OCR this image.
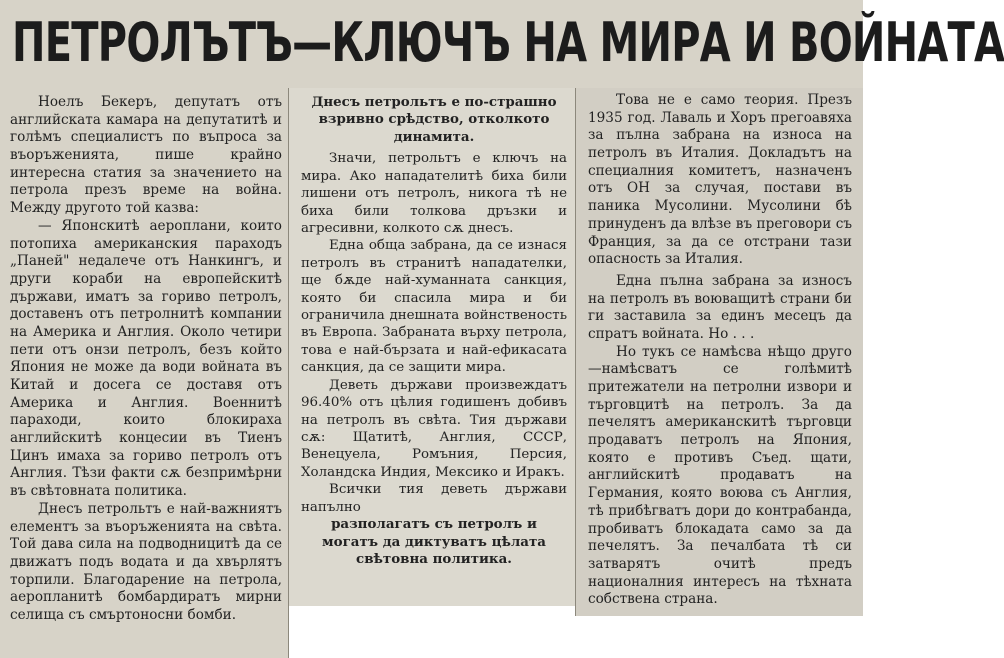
ПЕТРОЛЪТЪ—КЛЮЧЪ НА МИРА И ВОЙНАТА

Ноелъ Бекеръ, депутатъ отъ английската камара на депутатитѣ и голѣмъ специалистъ по въпроса за въоръженията, пише крайно интересна статия за значението на петрола презъ време на война. Между другото той казва:

— Японскитѣ аероплани, които потопиха американския параходъ „Паней" недалече отъ Нанкингъ, и други кораби на европейскитѣ държави, иматъ за гориво петролъ, доставенъ отъ петролнитѣ компании на Америка и Англия. Около четири пети отъ онзи петролъ, безъ който Япония не може да води войната въ Китай и досега се доставя отъ Америка и Англия. Военнитѣ параходи, които блокираха английскитѣ концесии въ Тиенъ Цинъ имаха за гориво петролъ отъ Англия. Тѣзи факти сѫ безпримѣрни въ свѣтовната политика.

Днесъ петрольтъ е най-важниятъ елементъ за въоръженията на свѣта. Той дава сила на подводницитѣ да се движатъ подъ водата и да хвърлятъ торпили. Благодарение на петрола, аеропланитѣ бомбардиратъ мирни селища съ смъртоносни бомби.

Днесъ петрольтъ е по-страшно взривно срѣдство, отколкото динамита.

Значи, петрольтъ е ключъ на мира. Ако нападателитѣ биха били лишени отъ петролъ, никога тѣ не биха били толкова дръзки и агресивни, колкото сѫ днесъ.

Една обща забрана, да се изнася петролъ въ странитѣ нападателки, ще бѫде най-хуманната санкция, която би спасила мира и би ограничила днешната войнственость въ Европа. Забраната върху петрола, това е най-бързата и най-ефикасата санкция, да се защити мира.

Деветь държави произвеждатъ 96.40% отъ цѣлия годишенъ добивъ на петролъ въ свѣта. Тия държави сѫ: Щатитѣ, Англия, СССР, Венецуела, Ромъния, Персия, Холандска Индия, Мексико и Иракъ.

Всички тия деветь държави напълно

разполагатъ съ петролъ и могатъ да диктуватъ цѣлата свѣтовна политика.

Това не е само теория. Презъ 1935 год. Лаваль и Хоръ прегоавяха за пълна забрана на износа на петролъ въ Италия. Докладътъ на специалния комитетъ, назначенъ отъ ОН за случая, постави въ паника Мусолини. Мусолини бѣ принуденъ да влѣзе въ преговори съ Франция, за да се отстрани тази опасность за Италия.

Една пълна забрана за износъ на петролъ въ воюващитѣ страни би ги заставила за единъ месецъ да спратъ войната. Но . . .

Но тукъ се намѣсва нѣщо друго—намѣсватъ се голѣмитѣ притежатели на петролни извори и търговцитѣ на петролъ. За да печелятъ американскитѣ търговци продаватъ петролъ на Япония, която е противъ Съед. щати, английскитѣ продаватъ на Германия, която воюва съ Англия, тѣ прибѣгватъ дори до контрабанда, пробиватъ блокадата само за да печелятъ. За печалбата тѣ си затварятъ очитѣ предъ националния интересъ на тѣхната собствена страна.
